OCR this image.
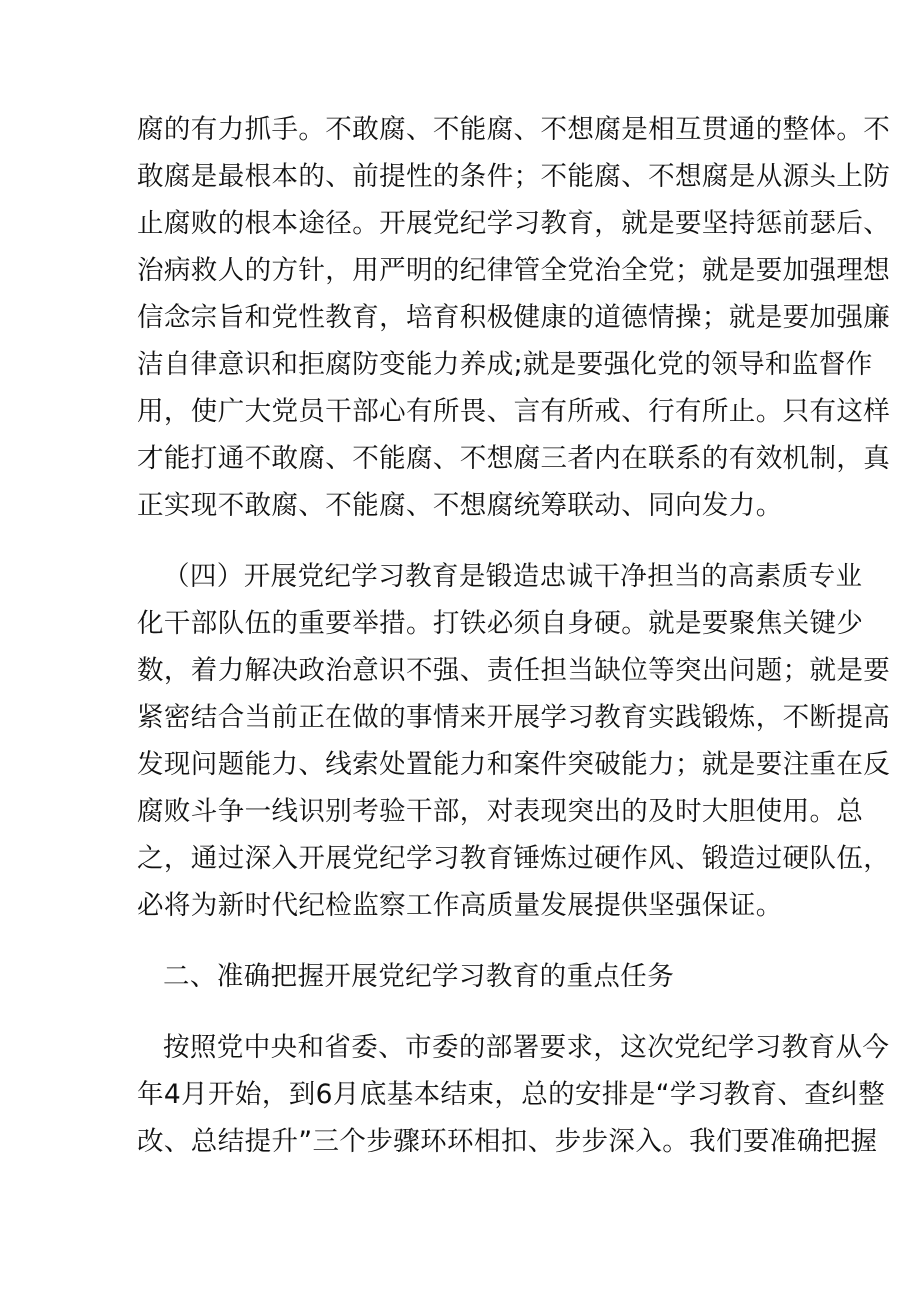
腐的有力抓手。不敢腐、不能腐、不想腐是相互贯通的整体。不
敢腐是最根本的、前提性的条件；不能腐、不想腐是从源头上防
止腐败的根本途径。开展党纪学习教育，就是要坚持惩前瑟后、
治病救人的方针，用严明的纪律管全党治全党；就是要加强理想
信念宗旨和党性教育，培育积极健康的道德情操；就是要加强廉
洁自律意识和拒腐防变能力养成;就是要强化党的领导和监督作
用，使广大党员干部心有所畏、言有所戒、行有所止。只有这样
才能打通不敢腐、不能腐、不想腐三者内在联系的有效机制，真
正实现不敢腐、不能腐、不想腐统筹联动、同向发力。
（四）开展党纪学习教育是锻造忠诚干净担当的高素质专业
化干部队伍的重要举措。打铁必须自身硬。就是要聚焦关键少
数，着力解决政治意识不强、责任担当缺位等突出问题；就是要
紧密结合当前正在做的事情来开展学习教育实践锻炼，不断提高
发现问题能力、线索处置能力和案件突破能力；就是要注重在反
腐败斗争一线识别考验干部，对表现突出的及时大胆使用。总
之，通过深入开展党纪学习教育锤炼过硬作风、锻造过硬队伍，
必将为新时代纪检监察工作高质量发展提供坚强保证。
二、准确把握开展党纪学习教育的重点任务
按照党中央和省委、市委的部署要求，这次党纪学习教育从今
年4月开始，到6月底基本结束，总的安排是“学习教育、查纠整
改、总结提升”三个步骤环环相扣、步步深入。我们要准确把握
